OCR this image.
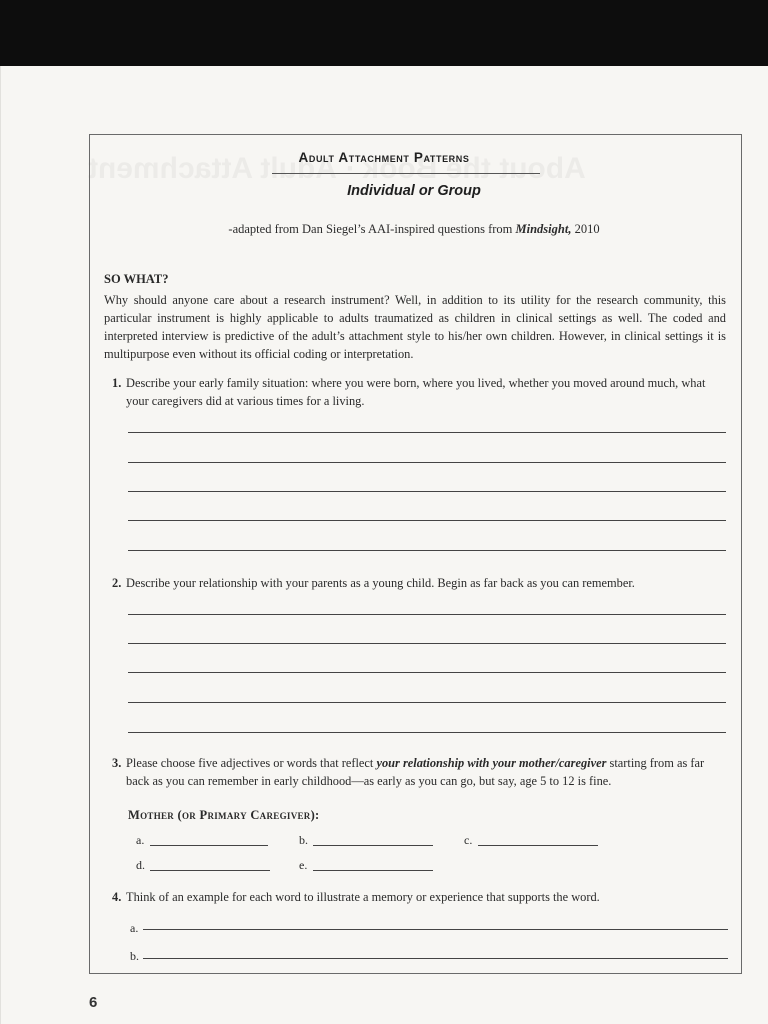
Adult Attachment Patterns
Individual or Group
-adapted from Dan Siegel’s AAI-inspired questions from Mindsight, 2010
SO WHAT?

Why should anyone care about a research instrument? Well, in addition to its utility for the research community, this particular instrument is highly applicable to adults traumatized as children in clinical settings as well. The coded and interpreted interview is predictive of the adult’s attachment style to his/her own children. However, in clinical settings it is multipurpose even without its official coding or interpretation.

1. Describe your early family situation: where you were born, where you lived, whether you moved around much, what your caregivers did at various times for a living.
2. Describe your relationship with your parents as a young child. Begin as far back as you can remember.
3. Please choose five adjectives or words that reflect your relationship with your mother/caregiver starting from as far back as you can remember in early childhood—as early as you can go, but say, age 5 to 12 is fine.
Mother (or Primary Caregiver):
a.	b.	c.
d.	e.
4. Think of an example for each word to illustrate a memory or experience that supports the word.
a.
b.
6
